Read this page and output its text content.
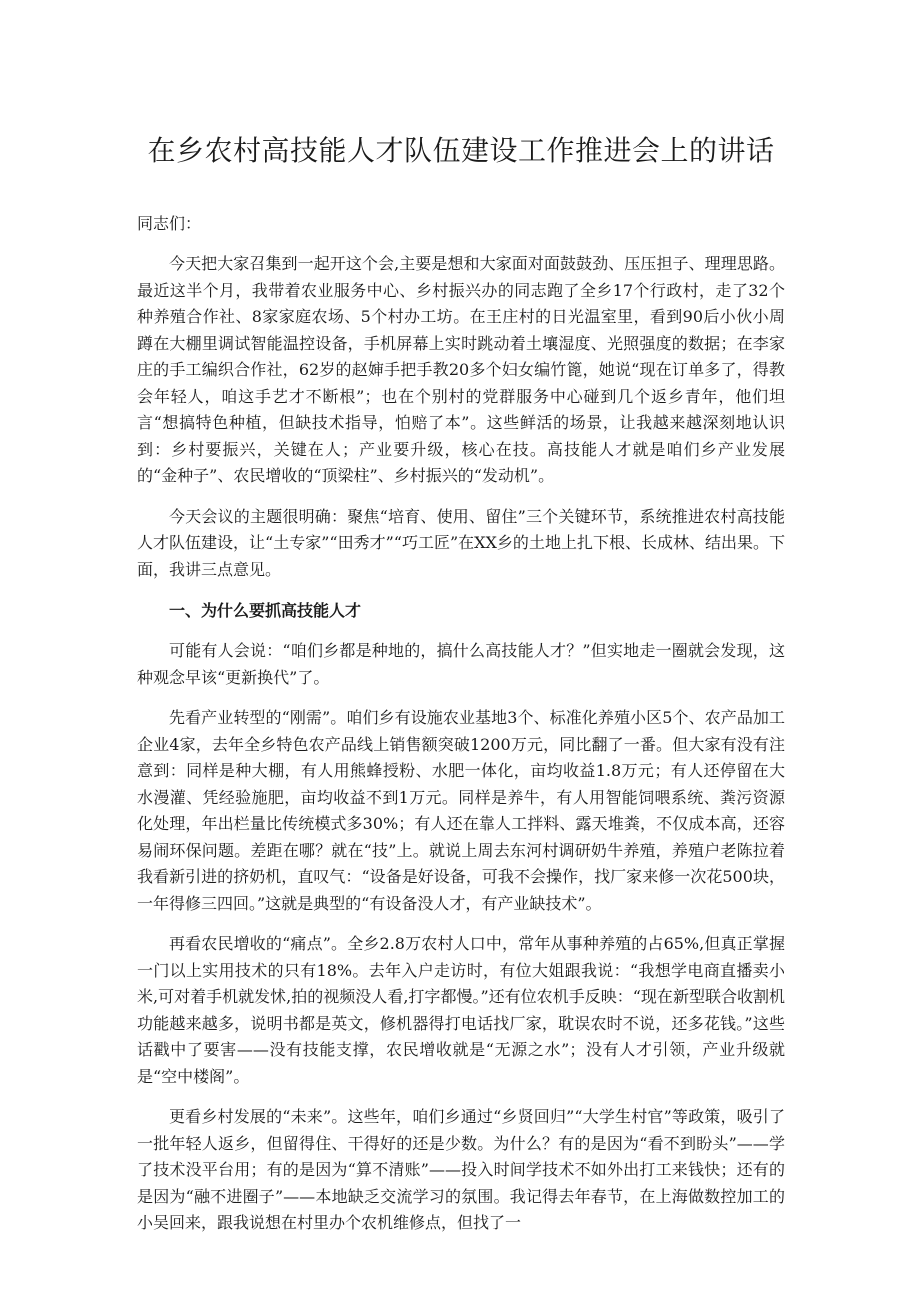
在乡农村高技能人才队伍建设工作推进会上的讲话

同志们：

今天把大家召集到一起开这个会,主要是想和大家面对面鼓鼓劲、压压担子、理理思路。最近这半个月，我带着农业服务中心、乡村振兴办的同志跑了全乡17个行政村，走了32个种养殖合作社、8家家庭农场、5个村办工坊。在王庄村的日光温室里，看到90后小伙小周蹲在大棚里调试智能温控设备，手机屏幕上实时跳动着土壤湿度、光照强度的数据；在李家庄的手工编织合作社，62岁的赵婶手把手教20多个妇女编竹篦，她说“现在订单多了，得教会年轻人，咱这手艺才不断根”；也在个别村的党群服务中心碰到几个返乡青年，他们坦言“想搞特色种植，但缺技术指导，怕赔了本”。这些鲜活的场景，让我越来越深刻地认识到：乡村要振兴，关键在人；产业要升级，核心在技。高技能人才就是咱们乡产业发展的“金种子”、农民增收的“顶梁柱”、乡村振兴的“发动机”。

今天会议的主题很明确：聚焦“培育、使用、留住”三个关键环节，系统推进农村高技能人才队伍建设，让“土专家”“田秀才”“巧工匠”在XX乡的土地上扎下根、长成林、结出果。下面，我讲三点意见。

一、为什么要抓高技能人才

可能有人会说：“咱们乡都是种地的，搞什么高技能人才？”但实地走一圈就会发现，这种观念早该“更新换代”了。

先看产业转型的“刚需”。咱们乡有设施农业基地3个、标准化养殖小区5个、农产品加工企业4家，去年全乡特色农产品线上销售额突破1200万元，同比翻了一番。但大家有没有注意到：同样是种大棚，有人用熊蜂授粉、水肥一体化，亩均收益1.8万元；有人还停留在大水漫灌、凭经验施肥，亩均收益不到1万元。同样是养牛，有人用智能饲喂系统、粪污资源化处理，年出栏量比传统模式多30%；有人还在靠人工拌料、露天堆粪，不仅成本高，还容易闹环保问题。差距在哪？就在“技”上。就说上周去东河村调研奶牛养殖，养殖户老陈拉着我看新引进的挤奶机，直叹气：“设备是好设备，可我不会操作，找厂家来修一次花500块，一年得修三四回。”这就是典型的“有设备没人才，有产业缺技术”。

再看农民增收的“痛点”。全乡2.8万农村人口中，常年从事种养殖的占65%,但真正掌握一门以上实用技术的只有18%。去年入户走访时，有位大姐跟我说：“我想学电商直播卖小米,可对着手机就发怵,拍的视频没人看,打字都慢。”还有位农机手反映：“现在新型联合收割机功能越来越多，说明书都是英文，修机器得打电话找厂家，耽误农时不说，还多花钱。”这些话戳中了要害——没有技能支撑，农民增收就是“无源之水”；没有人才引领，产业升级就是“空中楼阁”。

更看乡村发展的“未来”。这些年，咱们乡通过“乡贤回归”“大学生村官”等政策，吸引了一批年轻人返乡，但留得住、干得好的还是少数。为什么？有的是因为“看不到盼头”——学了技术没平台用；有的是因为“算不清账”——投入时间学技术不如外出打工来钱快；还有的是因为“融不进圈子”——本地缺乏交流学习的氛围。我记得去年春节，在上海做数控加工的小吴回来，跟我说想在村里办个农机维修点，但找了一
